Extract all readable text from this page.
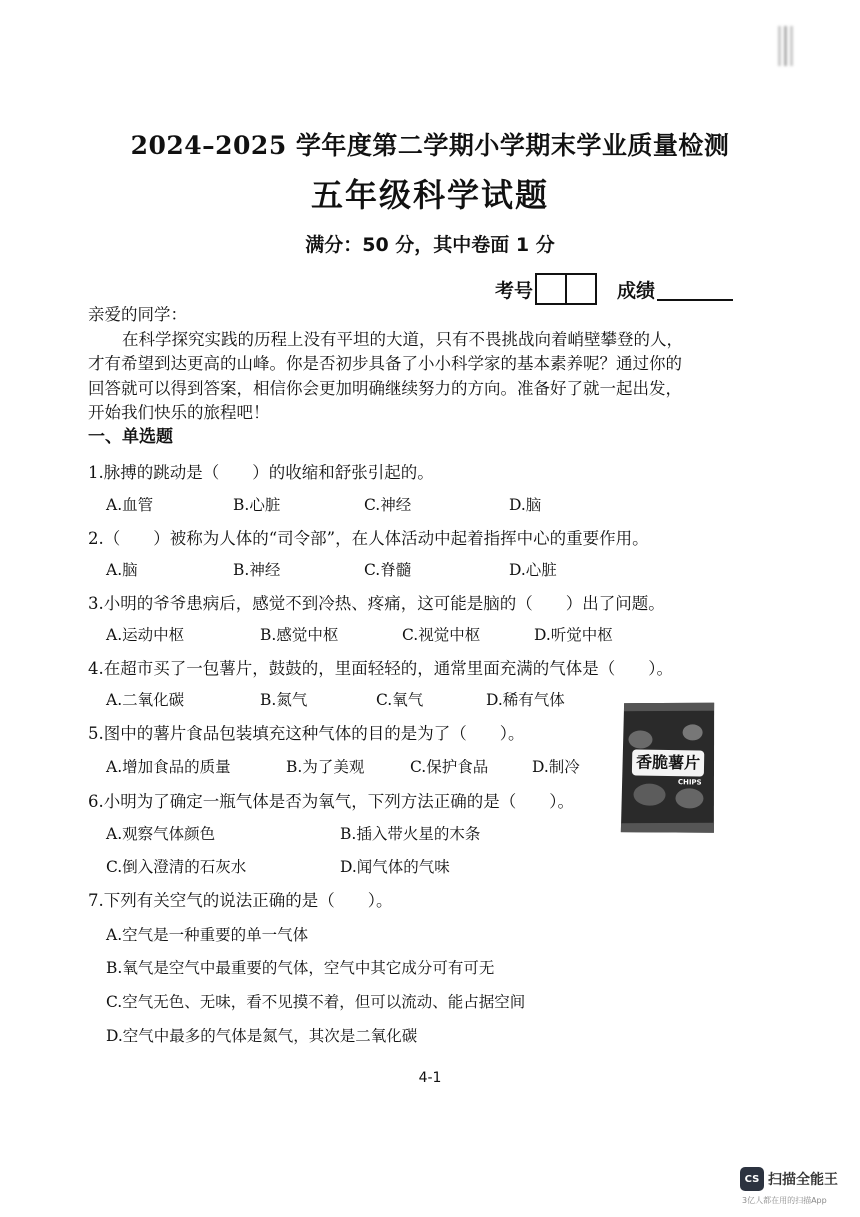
2024–2025 学年度第二学期小学期末学业质量检测
五年级科学试题
满分：50 分，其中卷面 1 分
考号	成绩

亲爱的同学：

在科学探究实践的历程上没有平坦的大道，只有不畏挑战向着峭壁攀登的人，

才有希望到达更高的山峰。你是否初步具备了小小科学家的基本素养呢？通过你的

回答就可以得到答案，相信你会更加明确继续努力的方向。准备好了就一起出发，

开始我们快乐的旅程吧！

一、单选题
1.脉搏的跳动是（　　）的收缩和舒张引起的。
A.血管	B.心脏	C.神经	D.脑
2.（　　）被称为人体的“司令部”，在人体活动中起着指挥中心的重要作用。
A.脑	B.神经	C.脊髓	D.心脏
3.小明的爷爷患病后，感觉不到冷热、疼痛，这可能是脑的（　　）出了问题。
A.运动中枢	B.感觉中枢	C.视觉中枢	D.听觉中枢
4.在超市买了一包薯片，鼓鼓的，里面轻轻的，通常里面充满的气体是（　　）。
A.二氧化碳	B.氮气	C.氧气	D.稀有气体
5.图中的薯片食品包装填充这种气体的目的是为了（　　）。
A.增加食品的质量	B.为了美观	C.保护食品	D.制冷
6.小明为了确定一瓶气体是否为氧气，下列方法正确的是（　　）。
A.观察气体颜色	B.插入带火星的木条
C.倒入澄清的石灰水	D.闻气体的气味
7.下列有关空气的说法正确的是（　　）。
A.空气是一种重要的单一气体
B.氧气是空气中最重要的气体，空气中其它成分可有可无
C.空气无色、无味，看不见摸不着，但可以流动、能占据空间
D.空气中最多的气体是氮气，其次是二氧化碳
香脆薯片
CHIPS
4-1
CS 扫描全能王
3亿人都在用的扫描App
